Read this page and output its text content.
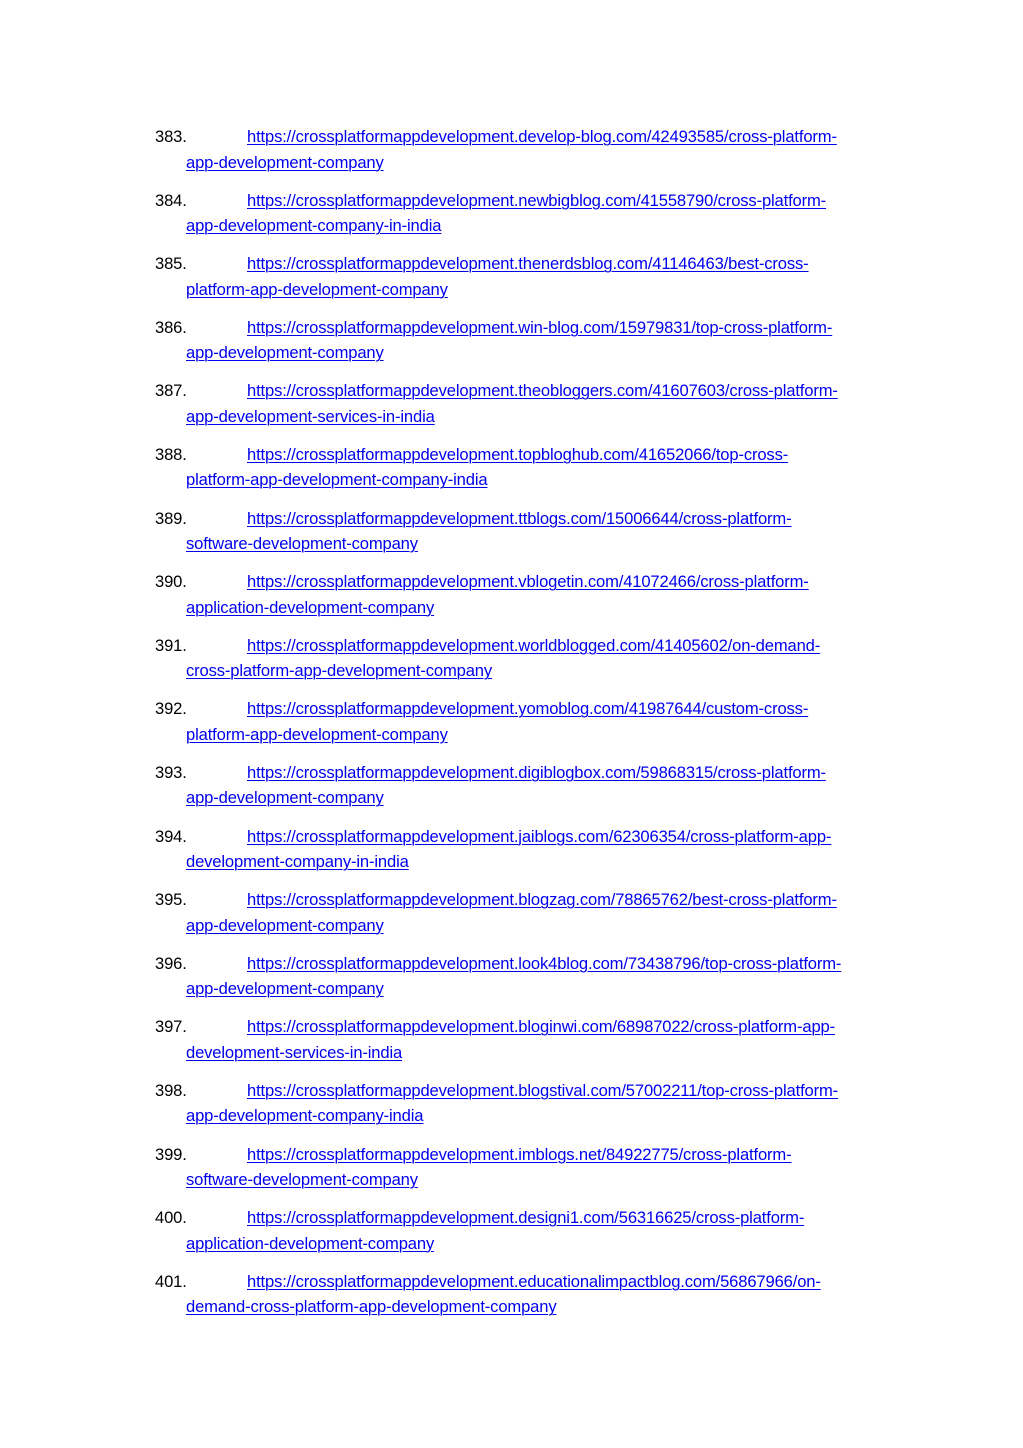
383.	https://crossplatformappdevelopment.develop-blog.com/42493585/cross-platform-
app-development-company
384.	https://crossplatformappdevelopment.newbigblog.com/41558790/cross-platform-
app-development-company-in-india
385.	https://crossplatformappdevelopment.thenerdsblog.com/41146463/best-cross-
platform-app-development-company
386.	https://crossplatformappdevelopment.win-blog.com/15979831/top-cross-platform-
app-development-company
387.	https://crossplatformappdevelopment.theobloggers.com/41607603/cross-platform-
app-development-services-in-india
388.	https://crossplatformappdevelopment.topbloghub.com/41652066/top-cross-
platform-app-development-company-india
389.	https://crossplatformappdevelopment.ttblogs.com/15006644/cross-platform-
software-development-company
390.	https://crossplatformappdevelopment.vblogetin.com/41072466/cross-platform-
application-development-company
391.	https://crossplatformappdevelopment.worldblogged.com/41405602/on-demand-
cross-platform-app-development-company
392.	https://crossplatformappdevelopment.yomoblog.com/41987644/custom-cross-
platform-app-development-company
393.	https://crossplatformappdevelopment.digiblogbox.com/59868315/cross-platform-
app-development-company
394.	https://crossplatformappdevelopment.jaiblogs.com/62306354/cross-platform-app-
development-company-in-india
395.	https://crossplatformappdevelopment.blogzag.com/78865762/best-cross-platform-
app-development-company
396.	https://crossplatformappdevelopment.look4blog.com/73438796/top-cross-platform-
app-development-company
397.	https://crossplatformappdevelopment.bloginwi.com/68987022/cross-platform-app-
development-services-in-india
398.	https://crossplatformappdevelopment.blogstival.com/57002211/top-cross-platform-
app-development-company-india
399.	https://crossplatformappdevelopment.imblogs.net/84922775/cross-platform-
software-development-company
400.	https://crossplatformappdevelopment.designi1.com/56316625/cross-platform-
application-development-company
401.	https://crossplatformappdevelopment.educationalimpactblog.com/56867966/on-
demand-cross-platform-app-development-company
